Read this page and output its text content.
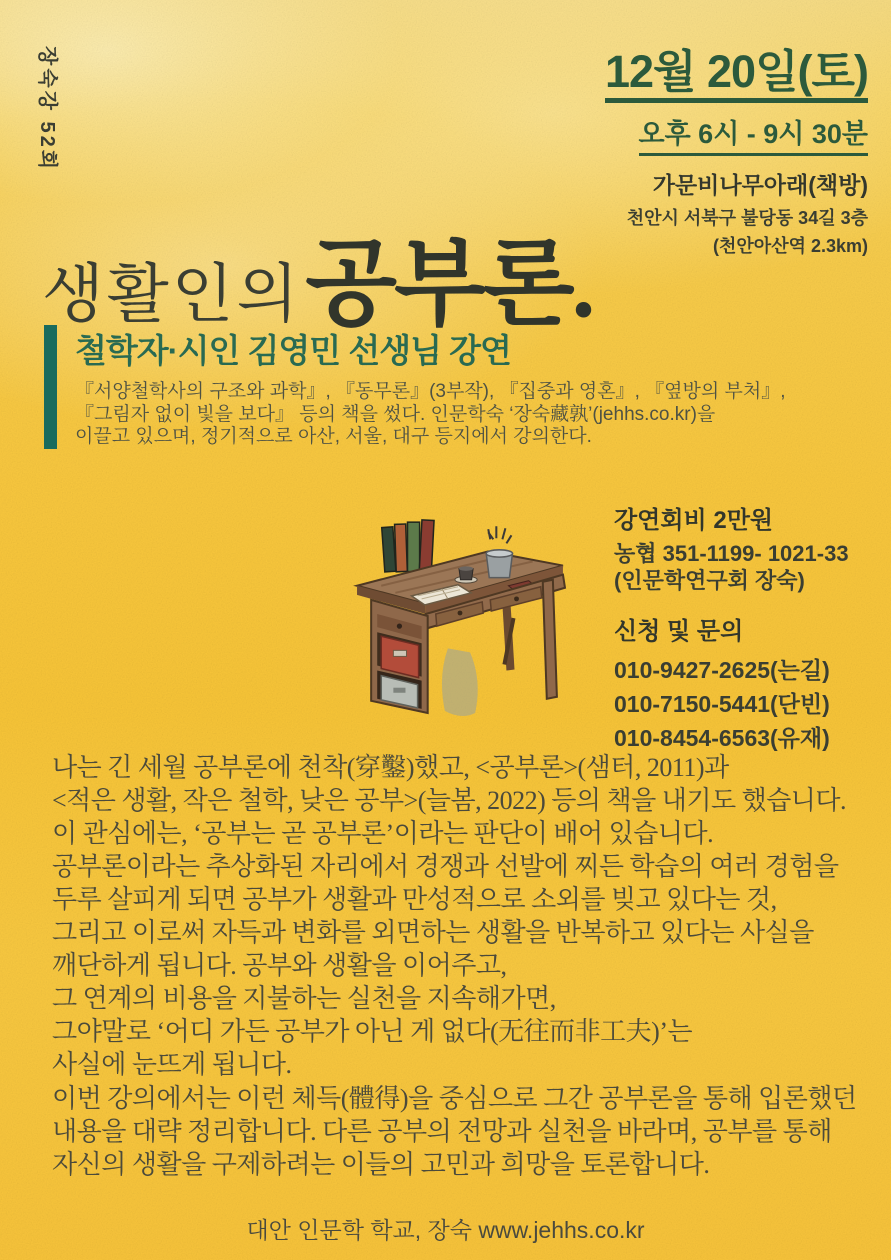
장숙강 52회	12월 20일(토)
오후 6시 - 9시 30분
가문비나무아래(책방)
천안시 서북구 불당동 34길 3층
(천안아산역 2.3km)
생활인의 공부론.
철학자·시인 김영민 선생님 강연
『서양철학사의 구조와 과학』, 『동무론』(3부작), 『집중과 영혼』, 『옆방의 부처』,
『그림자 없이 빛을 보다』 등의 책을 썼다. 인문학숙 ‘장숙藏孰’(jehhs.co.kr)을
이끌고 있으며, 정기적으로 아산, 서울, 대구 등지에서 강의한다.
강연회비 2만원
농협 351-1199- 1021-33
(인문학연구회 장숙)
신청 및 문의
010-9427-2625(는길)
010-7150-5441(단빈)
010-8454-6563(유재)
나는 긴 세월 공부론에 천착(穿鑿)했고, <공부론>(샘터, 2011)과
<적은 생활, 작은 철학, 낮은 공부>(늘봄, 2022) 등의 책을 내기도 했습니다.
이 관심에는, ‘공부는 곧 공부론’이라는 판단이 배어 있습니다.
공부론이라는 추상화된 자리에서 경쟁과 선발에 찌든 학습의 여러 경험을
두루 살피게 되면 공부가 생활과 만성적으로 소외를 빚고 있다는 것,
그리고 이로써 자득과 변화를 외면하는 생활을 반복하고 있다는 사실을
깨단하게 됩니다. 공부와 생활을 이어주고,
그 연계의 비용을 지불하는 실천을 지속해가면,
그야말로 ‘어디 가든 공부가 아닌 게 없다(无往而非工夫)’는
사실에 눈뜨게 됩니다.
이번 강의에서는 이런 체득(體得)을 중심으로 그간 공부론을 통해 입론했던
내용을 대략 정리합니다. 다른 공부의 전망과 실천을 바라며, 공부를 통해
자신의 생활을 구제하려는 이들의 고민과 희망을 토론합니다.
대안 인문학 학교, 장숙 www.jehhs.co.kr
